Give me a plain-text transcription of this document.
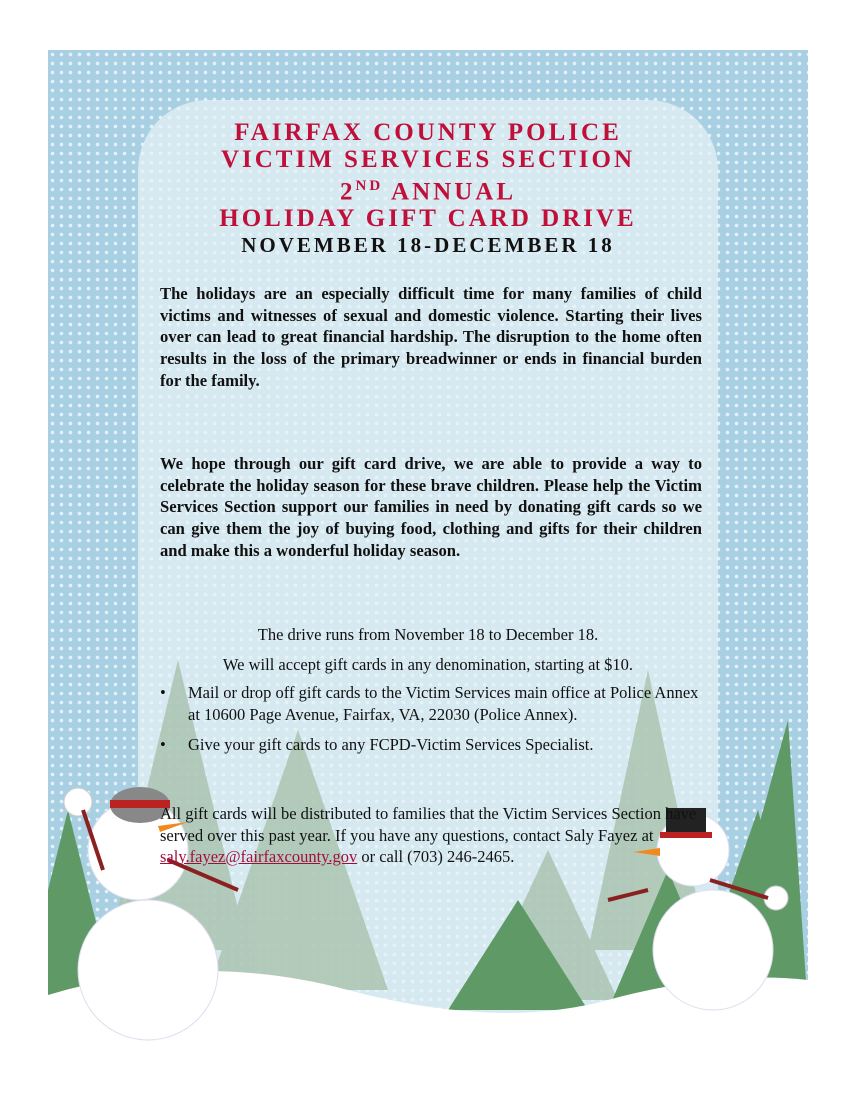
FAIRFAX COUNTY POLICE
VICTIM SERVICES SECTION
2ND ANNUAL
HOLIDAY GIFT CARD DRIVE
NOVEMBER 18-DECEMBER 18
The holidays are an especially difficult time for many families of child victims and witnesses of sexual and domestic violence. Starting their lives over can lead to great financial hardship. The disruption to the home often results in the loss of the primary breadwinner or ends in financial burden for the family.
We hope through our gift card drive, we are able to provide a way to celebrate the holiday season for these brave children. Please help the Victim Services Section support our families in need by donating gift cards so we can give them the joy of buying food, clothing and gifts for their children and make this a wonderful holiday season.
The drive runs from November 18 to December 18.
We will accept gift cards in any denomination, starting at $10.
• Mail or drop off gift cards to the Victim Services main office at Police Annex at 10600 Page Avenue, Fairfax, VA, 22030 (Police Annex).
• Give your gift cards to any FCPD-Victim Services Specialist.
All gift cards will be distributed to families that the Victim Services Section have served over this past year. If you have any questions, contact Saly Fayez at saly.fayez@fairfaxcounty.gov or call (703) 246-2465.
